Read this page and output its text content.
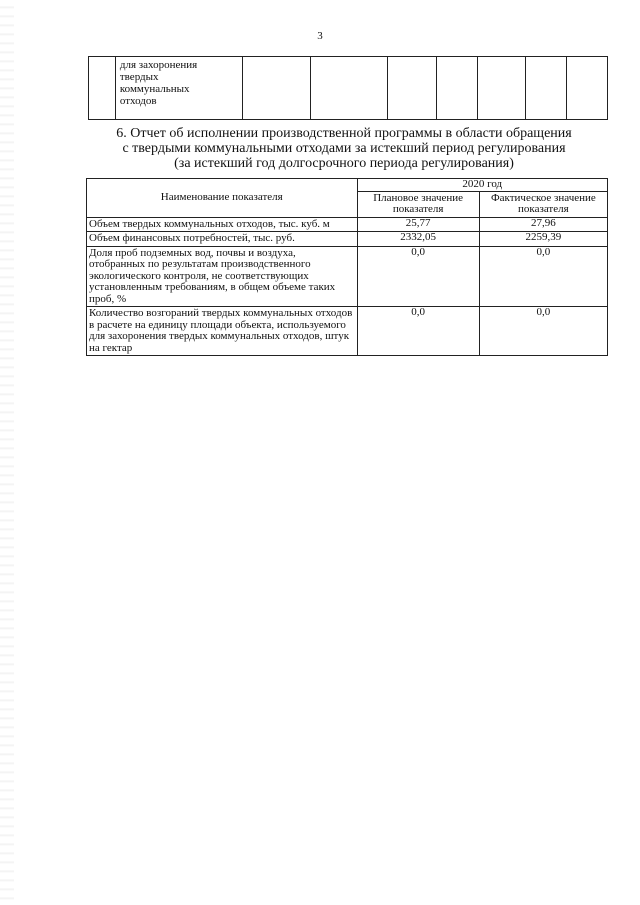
3

для захоронения
твердых
коммунальных
отходов

6. Отчет об исполнении производственной программы в области обращения
с твердыми коммунальными отходами за истекший период регулирования
(за истекший год долгосрочного периода регулирования)
Наименование показателя	2020 год	
	Плановое значение показателя	Фактическое значение показателя
Объем твердых коммунальных отходов, тыс. куб. м	25,77	27,96
Объем финансовых потребностей, тыс. руб.	2332,05	2259,39
Доля проб подземных вод, почвы и воздуха, отобранных по результатам производственного экологического контроля, не соответствующих установленным требованиям, в общем объеме таких проб, %	0,0	0,0
Количество возгораний твердых коммунальных отходов в расчете на единицу площади объекта, используемого для захоронения твердых коммунальных отходов, штук на гектар	0,0	0,0
